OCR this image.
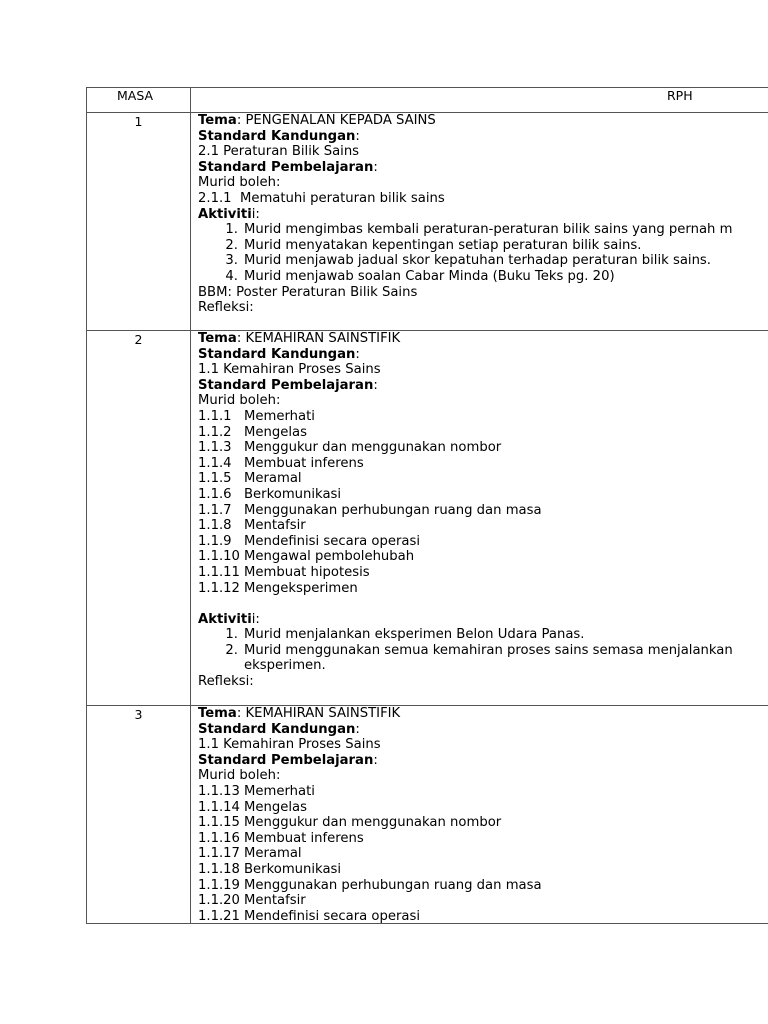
MASA	RPH
1	Tema: PENGENALAN KEPADA SAINS
Standard Kandungan:
2.1 Peraturan Bilik Sains
Standard Pembelajaran:
Murid boleh:
2.1.1  Mematuhi peraturan bilik sains
Aktivitii:
1. Murid mengimbas kembali peraturan-peraturan bilik sains yang pernah m
2. Murid menyatakan kepentingan setiap peraturan bilik sains.
3. Murid menjawab jadual skor kepatuhan terhadap peraturan bilik sains.
4. Murid menjawab soalan Cabar Minda (Buku Teks pg. 20)
BBM: Poster Peraturan Bilik Sains
Refleksi:
2	Tema: KEMAHIRAN SAINSTIFIK
Standard Kandungan:
1.1 Kemahiran Proses Sains
Standard Pembelajaran:
Murid boleh:
1.1.1 Memerhati
1.1.2 Mengelas
1.1.3 Menggukur dan menggunakan nombor
1.1.4 Membuat inferens
1.1.5 Meramal
1.1.6 Berkomunikasi
1.1.7 Menggunakan perhubungan ruang dan masa
1.1.8 Mentafsir
1.1.9 Mendefinisi secara operasi
1.1.10 Mengawal pembolehubah
1.1.11 Membuat hipotesis
1.1.12 Mengeksperimen
Aktivitii:
1. Murid menjalankan eksperimen Belon Udara Panas.
2. Murid menggunakan semua kemahiran proses sains semasa menjalankan
eksperimen.
Refleksi:
3	Tema: KEMAHIRAN SAINSTIFIK
Standard Kandungan:
1.1 Kemahiran Proses Sains
Standard Pembelajaran:
Murid boleh:
1.1.13 Memerhati
1.1.14 Mengelas
1.1.15 Menggukur dan menggunakan nombor
1.1.16 Membuat inferens
1.1.17 Meramal
1.1.18 Berkomunikasi
1.1.19 Menggunakan perhubungan ruang dan masa
1.1.20 Mentafsir
1.1.21 Mendefinisi secara operasi
